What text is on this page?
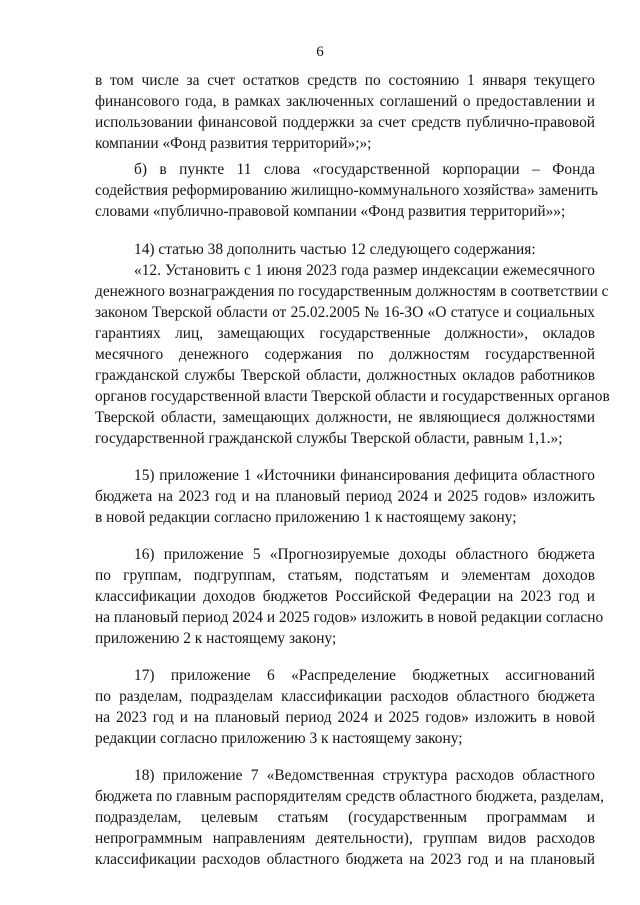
6
в том числе за счет остатков средств по состоянию 1 января текущего
финансового года, в рамках заключенных соглашений о предоставлении и
использовании финансовой поддержки за счет средств публично-правовой
компании «Фонд развития территорий»;»;
б) в пункте 11 слова «государственной корпорации – Фонда
содействия реформированию жилищно-коммунального хозяйства» заменить
словами «публично-правовой компании «Фонд развития территорий»»;
14) статью 38 дополнить частью 12 следующего содержания:
«12. Установить с 1 июня 2023 года размер индексации ежемесячного
денежного вознаграждения по государственным должностям в соответствии с
законом Тверской области от 25.02.2005 № 16-ЗО «О статусе и социальных
гарантиях лиц, замещающих государственные должности», окладов
месячного денежного содержания по должностям государственной
гражданской службы Тверской области, должностных окладов работников
органов государственной власти Тверской области и государственных органов
Тверской области, замещающих должности, не являющиеся должностями
государственной гражданской службы Тверской области, равным 1,1.»;
15) приложение 1 «Источники финансирования дефицита областного
бюджета на 2023 год и на плановый период 2024 и 2025 годов» изложить
в новой редакции согласно приложению 1 к настоящему закону;
16) приложение 5 «Прогнозируемые доходы областного бюджета
по группам, подгруппам, статьям, подстатьям и элементам доходов
классификации доходов бюджетов Российской Федерации на 2023 год и
на плановый период 2024 и 2025 годов» изложить в новой редакции согласно
приложению 2 к настоящему закону;
17) приложение 6 «Распределение бюджетных ассигнований
по разделам, подразделам классификации расходов областного бюджета
на 2023 год и на плановый период 2024 и 2025 годов» изложить в новой
редакции согласно приложению 3 к настоящему закону;
18) приложение 7 «Ведомственная структура расходов областного
бюджета по главным распорядителям средств областного бюджета, разделам,
подразделам, целевым статьям (государственным программам и
непрограммным направлениям деятельности), группам видов расходов
классификации расходов областного бюджета на 2023 год и на плановый
